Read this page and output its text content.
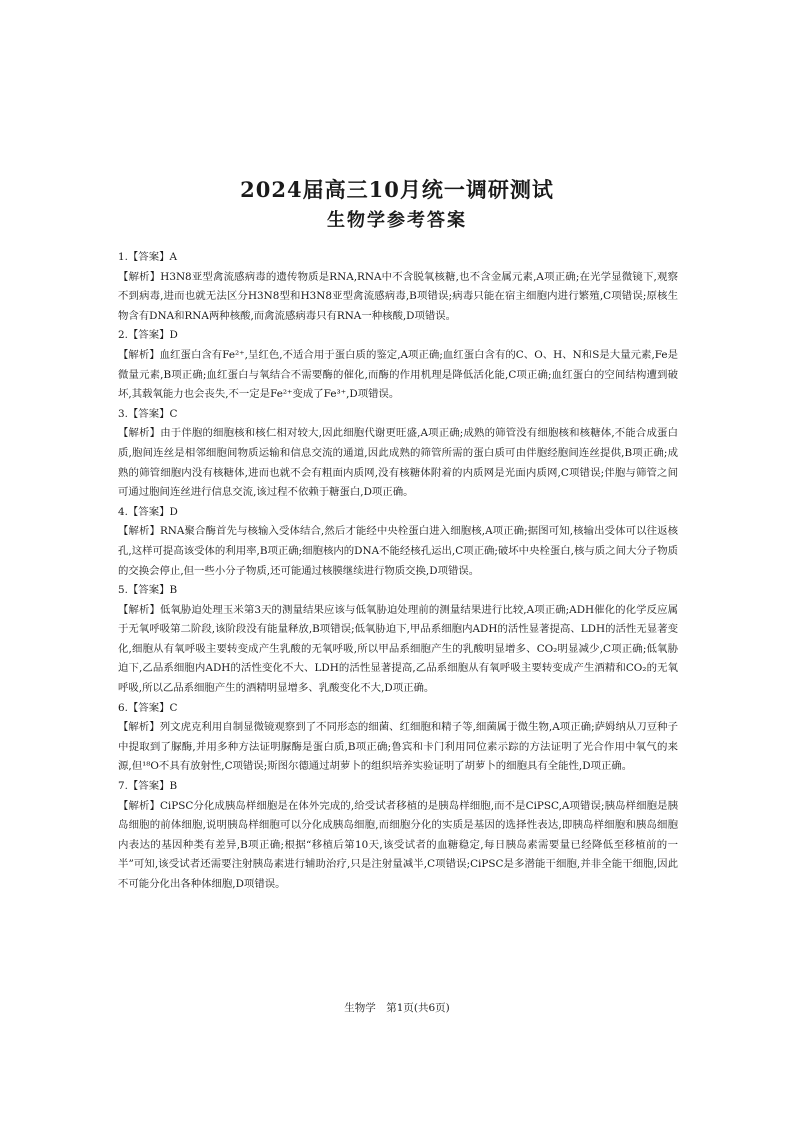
2024届高三10月统一调研测试
生物学参考答案

1.【答案】A

【解析】H3N8亚型禽流感病毒的遗传物质是RNA,RNA中不含脱氧核糖,也不含金属元素,A项正确;在光学显微镜下,观察不到病毒,进而也就无法区分H3N8型和H3N8亚型禽流感病毒,B项错误;病毒只能在宿主细胞内进行繁殖,C项错误;原核生物含有DNA和RNA两种核酸,而禽流感病毒只有RNA一种核酸,D项错误。

2.【答案】D

【解析】血红蛋白含有Fe²⁺,呈红色,不适合用于蛋白质的鉴定,A项正确;血红蛋白含有的C、O、H、N和S是大量元素,Fe是微量元素,B项正确;血红蛋白与氧结合不需要酶的催化,而酶的作用机理是降低活化能,C项正确;血红蛋白的空间结构遭到破坏,其载氧能力也会丧失,不一定是Fe²⁺变成了Fe³⁺,D项错误。

3.【答案】C

【解析】由于伴胞的细胞核和核仁相对较大,因此细胞代谢更旺盛,A项正确;成熟的筛管没有细胞核和核糖体,不能合成蛋白质,胞间连丝是相邻细胞间物质运输和信息交流的通道,因此成熟的筛管所需的蛋白质可由伴胞经胞间连丝提供,B项正确;成熟的筛管细胞内没有核糖体,进而也就不会有粗面内质网,没有核糖体附着的内质网是光面内质网,C项错误;伴胞与筛管之间可通过胞间连丝进行信息交流,该过程不依赖于糖蛋白,D项正确。

4.【答案】D

【解析】RNA聚合酶首先与核输入受体结合,然后才能经中央栓蛋白进入细胞核,A项正确;据图可知,核输出受体可以往返核孔,这样可提高该受体的利用率,B项正确;细胞核内的DNA不能经核孔运出,C项正确;破坏中央栓蛋白,核与质之间大分子物质的交换会停止,但一些小分子物质,还可能通过核膜继续进行物质交换,D项错误。

5.【答案】B

【解析】低氧胁迫处理玉米第3天的测量结果应该与低氧胁迫处理前的测量结果进行比较,A项正确;ADH催化的化学反应属于无氧呼吸第二阶段,该阶段没有能量释放,B项错误;低氧胁迫下,甲品系细胞内ADH的活性显著提高、LDH的活性无显著变化,细胞从有氧呼吸主要转变成产生乳酸的无氧呼吸,所以甲品系细胞产生的乳酸明显增多、CO₂明显减少,C项正确;低氧胁迫下,乙品系细胞内ADH的活性变化不大、LDH的活性显著提高,乙品系细胞从有氧呼吸主要转变成产生酒精和CO₂的无氧呼吸,所以乙品系细胞产生的酒精明显增多、乳酸变化不大,D项正确。

6.【答案】C

【解析】列文虎克利用自制显微镜观察到了不同形态的细菌、红细胞和精子等,细菌属于微生物,A项正确;萨姆纳从刀豆种子中提取到了脲酶,并用多种方法证明脲酶是蛋白质,B项正确;鲁宾和卡门利用同位素示踪的方法证明了光合作用中氧气的来源,但¹⁸O不具有放射性,C项错误;斯图尔德通过胡萝卜的组织培养实验证明了胡萝卜的细胞具有全能性,D项正确。

7.【答案】B

【解析】CiPSC分化成胰岛样细胞是在体外完成的,给受试者移植的是胰岛样细胞,而不是CiPSC,A项错误;胰岛样细胞是胰岛细胞的前体细胞,说明胰岛样细胞可以分化成胰岛细胞,而细胞分化的实质是基因的选择性表达,即胰岛样细胞和胰岛细胞内表达的基因种类有差异,B项正确;根据“移植后第10天,该受试者的血糖稳定,每日胰岛素需要量已经降低至移植前的一半”可知,该受试者还需要注射胰岛素进行辅助治疗,只是注射量减半,C项错误;CiPSC是多潜能干细胞,并非全能干细胞,因此不可能分化出各种体细胞,D项错误。

生物学　第1页(共6页)
